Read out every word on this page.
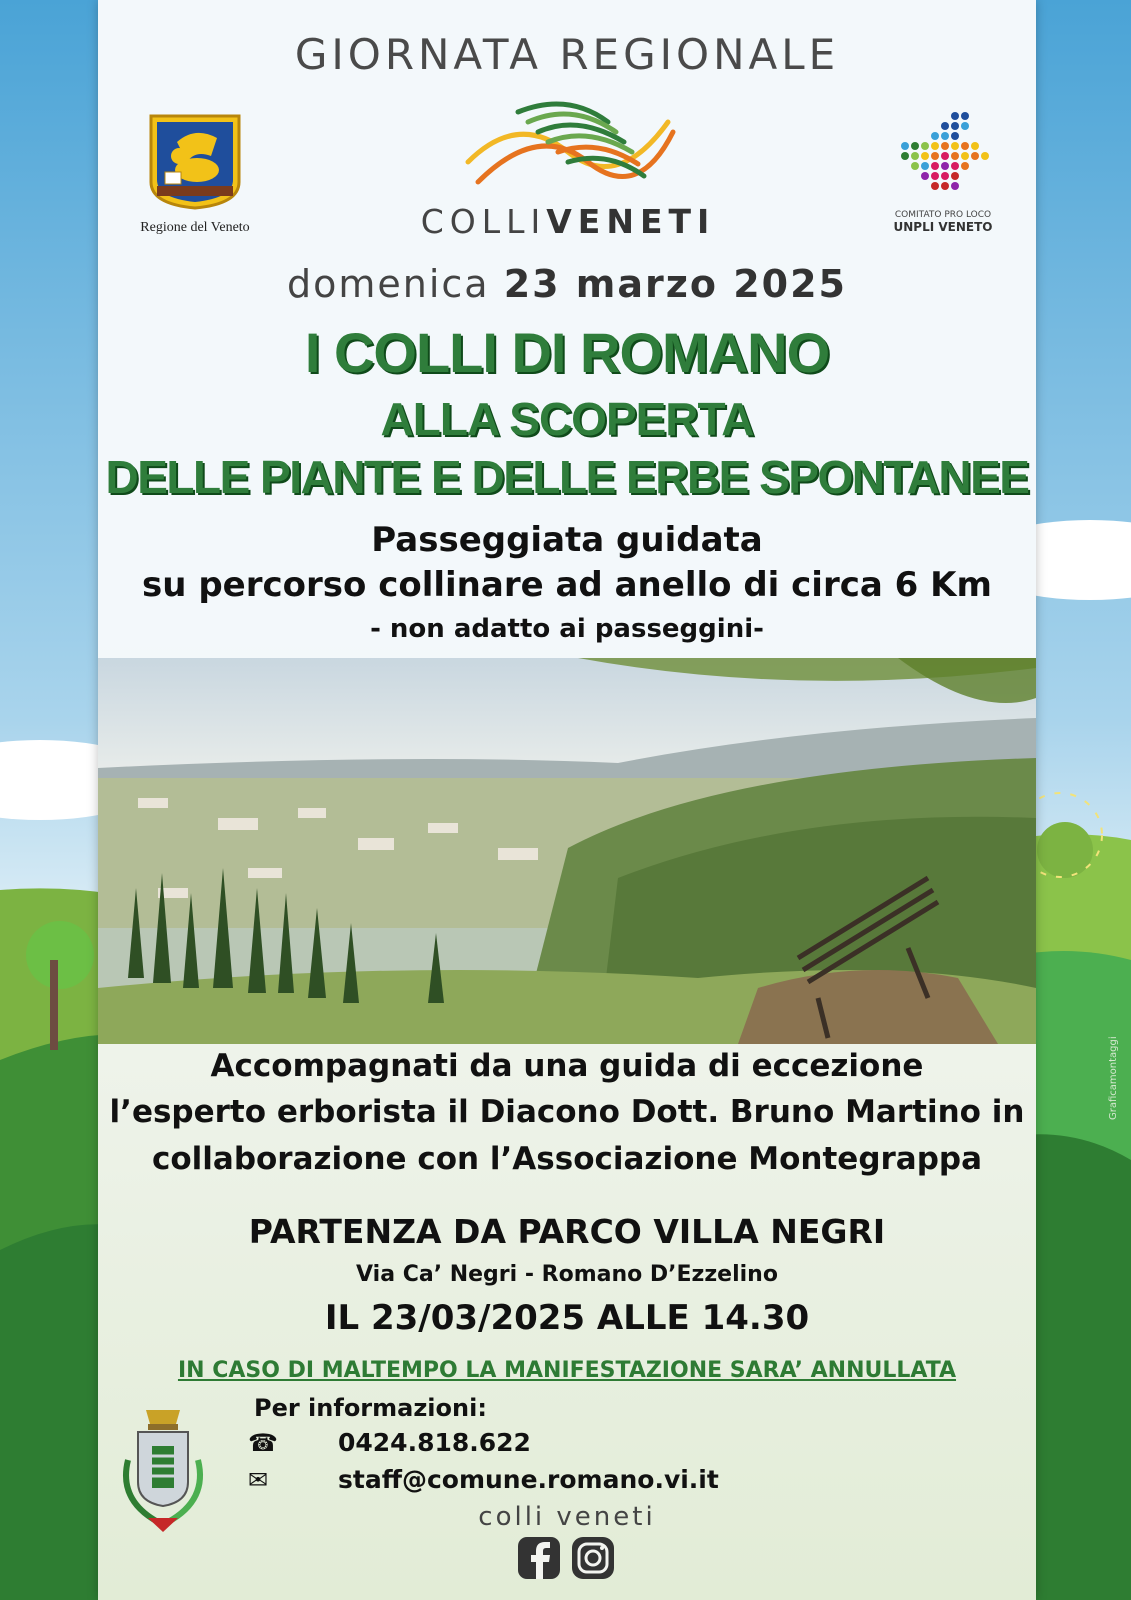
GIORNATA REGIONALE
Regione del Veneto	COLLIVENETI	COMITATO PRO LOCO
UNPLI VENETO
domenica 23 marzo 2025
I COLLI DI ROMANO
ALLA SCOPERTA
DELLE PIANTE E DELLE ERBE SPONTANEE
Passeggiata guidata
su percorso collinare ad anello di circa 6 Km
- non adatto ai passeggini-
Accompagnati da una guida di eccezione
l’esperto erborista il Diacono Dott. Bruno Martino in
collaborazione con l’Associazione Montegrappa
PARTENZA DA PARCO VILLA NEGRI
Via Ca’ Negri - Romano D’Ezzelino
IL 23/03/2025 ALLE 14.30
IN CASO DI MALTEMPO LA MANIFESTAZIONE SARA’ ANNULLATA
Per informazioni:
☎ 0424.818.622
✉	staff@comune.romano.vi.it
colli veneti
Graficamontaggi
